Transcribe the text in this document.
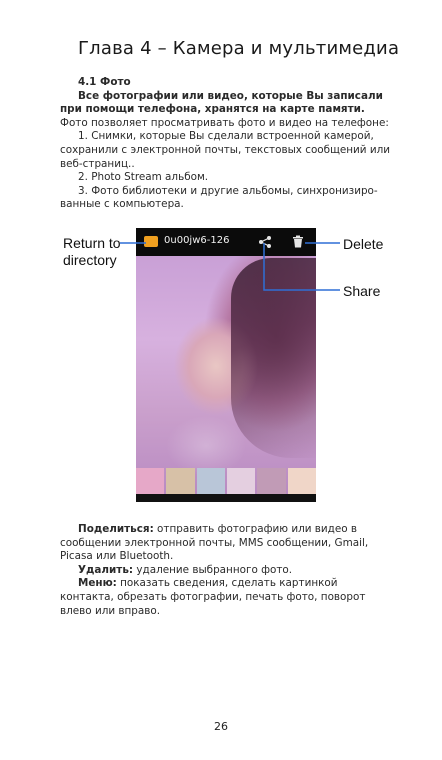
Глава 4 – Камера и мультимедиа

4.1 Фото

Все фотографии или видео, которые Вы записали при помощи телефона, хранятся на карте памяти. Фото позволяет просматривать фото и видео на телефоне:

1. Снимки, которые Вы сделали встроенной камерой, сохранили с электронной почты, текстовых сообщений или веб-страниц..

2. Photo Stream альбом.

3. Фото библиотеки и другие альбомы, синхронизиро-ванные с компьютера.

0u00jw6-126
Return to
directory
Delete
Share

Поделиться: отправить фотографию или видео в сообщении электронной почты, MMS сообщении, Gmail, Picasa или Bluetooth.

Удалить: удаление выбранного фото.

Меню: показать сведения, сделать картинкой контакта, обрезать фотографии, печать фото, поворот влево или вправо.

26
